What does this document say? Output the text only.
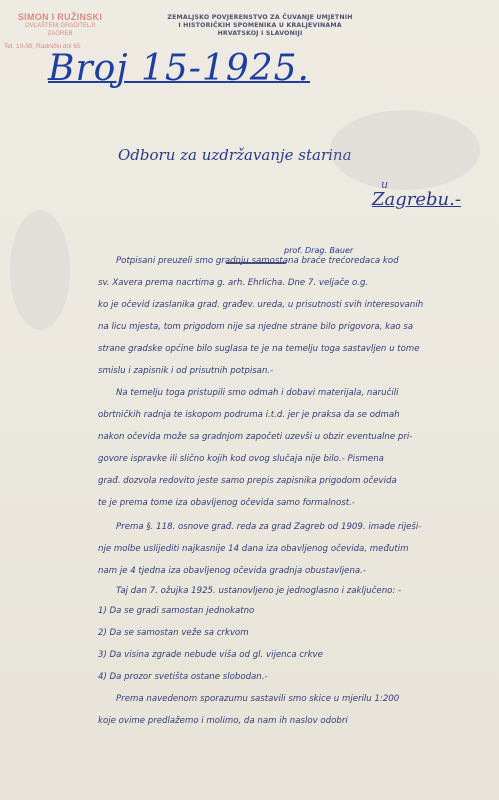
SIMON I RUŽINSKI
OVLAŠTENI GRADITELJI
ZAGREB
Tel. 10-59, Radnički dol 65
ZEMALJSKO POVJERENSTVO ZA ČUVANJE UMJETNIH
I HISTORIČKIH SPOMENIKA U KRALJEVINAMA
HRVATSKOJ I SLAVONIJI
Broj 15-1925.
Odboru za uzdržavanje starina
u
Zagrebu.-
prof. Drag. Bauer
Potpisani preuzeli smo gradnju samostana braće trećoredaca kod
sv. Xavera prema nacrtima g. arh. Ehrlicha. Dne 7. veljače o.g.
ko je očevid izaslanika grad. građev. ureda, u prisutnosti svih interesovanih
na licu mjesta, tom prigodom nije sa njedne strane bilo prigovora, kao sa
strane gradske općine bilo suglasa te je na temelju toga sastavljen u tome
smislu i zapisnik i od prisutnih potpisan.-
Na temelju toga pristupili smo odmah i dobavi materijala, naručili
obrtničkih radnja te iskopom podruma i.t.d. jer je praksa da se odmah
nakon očevida može sa gradnjom započeti uzevši u obzir eventualne pri-
govore ispravke ili slično kojih kod ovog slučaja nije bilo.- Pismena
građ. dozvola redovito jeste samo prepis zapisnika prigodom očevida
te je prema tome iza obavljenog očevida samo formalnost.-
Prema §. 118. osnove građ. reda za grad Zagreb od 1909. imade riješi-
nje molbe uslijediti najkasnije 14 dana iza obavljenog očevida, međutim
nam je 4 tjedna iza obavljenog očevida gradnja obustavljena.-
Taj dan 7. ožujka 1925. ustanovljeno je jednoglasno i zaključeno: -
1) Da se gradi samostan jednokatno
2) Da se samostan veže sa crkvom
3) Da visina zgrade nebude viša od gl. vijenca crkve
4) Da prozor svetišta ostane slobodan.-
Prema navedenom sporazumu sastavili smo skice u mjerilu 1:200
koje ovime predlažemo i molimo, da nam ih naslov odobri
